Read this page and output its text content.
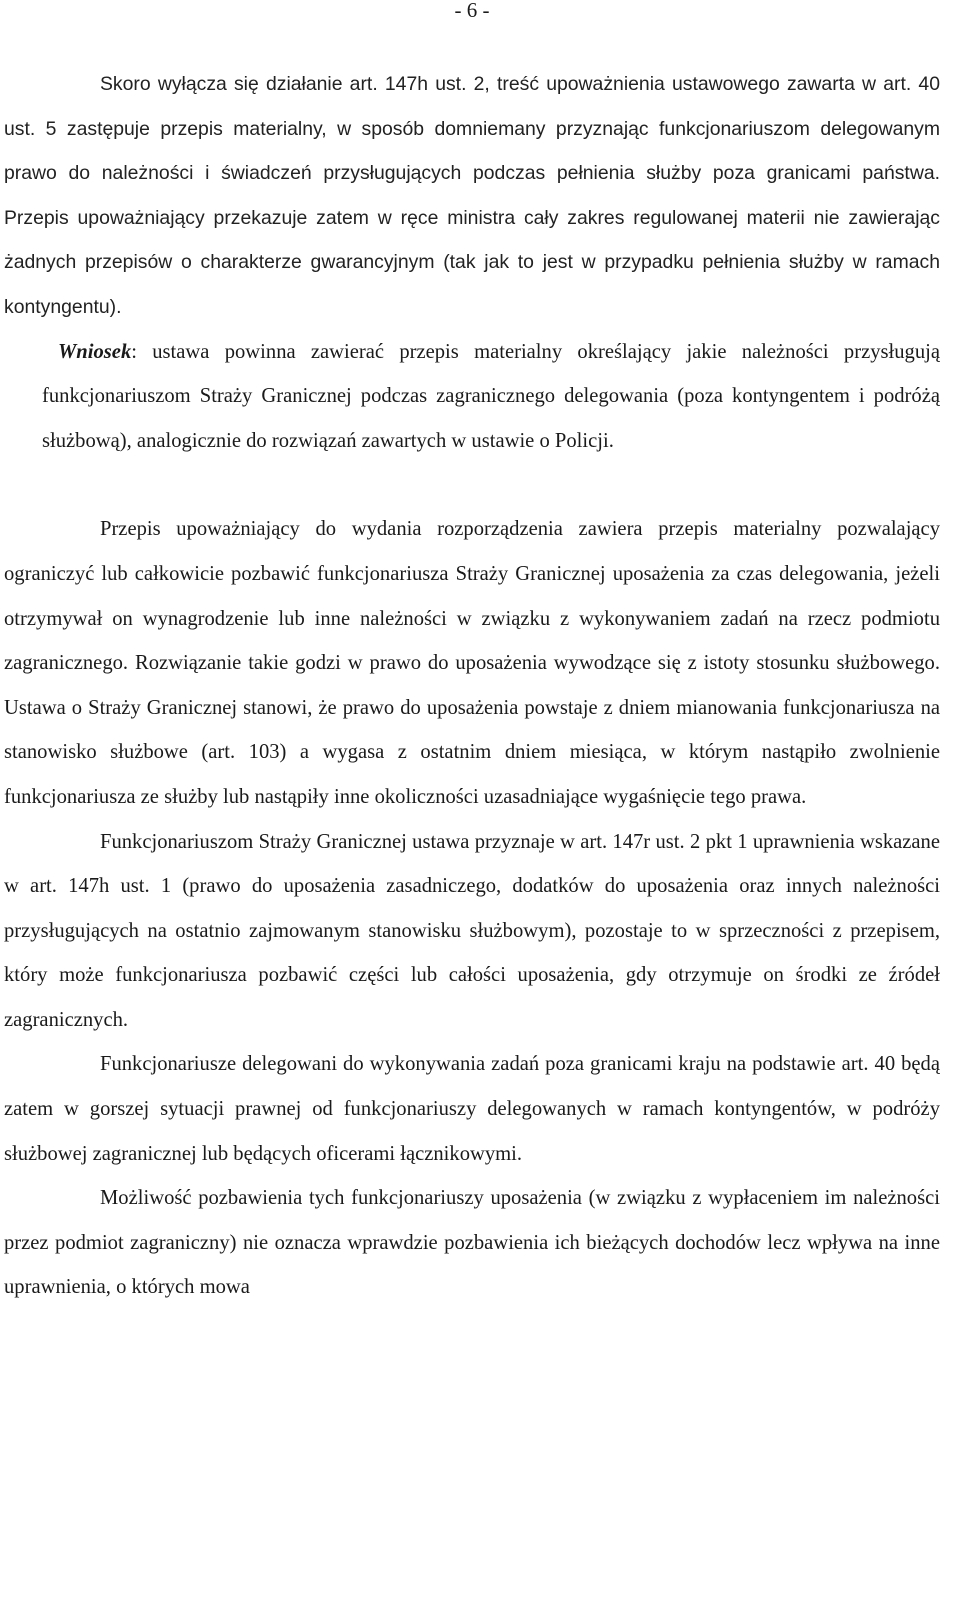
- 6 -

Skoro wyłącza się działanie art. 147h ust. 2, treść upoważnienia ustawowego zawarta w art. 40 ust. 5 zastępuje przepis materialny, w sposób domniemany przyznając funkcjonariuszom delegowanym prawo do należności i świadczeń przysługujących podczas pełnienia służby poza granicami państwa. Przepis upoważniający przekazuje zatem w ręce ministra cały zakres regulowanej materii nie zawierając żadnych przepisów o charakterze gwarancyjnym (tak jak to jest w przypadku pełnienia służby w ramach kontyngentu).

Wniosek: ustawa powinna zawierać przepis materialny określający jakie należności przysługują funkcjonariuszom Straży Granicznej podczas zagranicznego delegowania (poza kontyngentem i podróżą służbową), analogicznie do rozwiązań zawartych w ustawie o Policji.

Przepis upoważniający do wydania rozporządzenia zawiera przepis materialny pozwalający ograniczyć lub całkowicie pozbawić funkcjonariusza Straży Granicznej uposażenia za czas delegowania, jeżeli otrzymywał on wynagrodzenie lub inne należności w związku z wykonywaniem zadań na rzecz podmiotu zagranicznego. Rozwiązanie takie godzi w prawo do uposażenia wywodzące się z istoty stosunku służbowego. Ustawa o Straży Granicznej stanowi, że prawo do uposażenia powstaje z dniem mianowania funkcjonariusza na stanowisko służbowe (art. 103) a wygasa z ostatnim dniem miesiąca, w którym nastąpiło zwolnienie funkcjonariusza ze służby lub nastąpiły inne okoliczności uzasadniające wygaśnięcie tego prawa.

Funkcjonariuszom Straży Granicznej ustawa przyznaje w art. 147r ust. 2 pkt 1 uprawnienia wskazane w art. 147h ust. 1 (prawo do uposażenia zasadniczego, dodatków do uposażenia oraz innych należności przysługujących na ostatnio zajmowanym stanowisku służbowym), pozostaje to w sprzeczności z przepisem, który może funkcjonariusza pozbawić części lub całości uposażenia, gdy otrzymuje on środki ze źródeł zagranicznych.

Funkcjonariusze delegowani do wykonywania zadań poza granicami kraju na podstawie art. 40 będą zatem w gorszej sytuacji prawnej od funkcjonariuszy delegowanych w ramach kontyngentów, w podróży służbowej zagranicznej lub będących oficerami łącznikowymi.

Możliwość pozbawienia tych funkcjonariuszy uposażenia (w związku z wypłaceniem im należności przez podmiot zagraniczny) nie oznacza wprawdzie pozbawienia ich bieżących dochodów lecz wpływa na inne uprawnienia, o których mowa
